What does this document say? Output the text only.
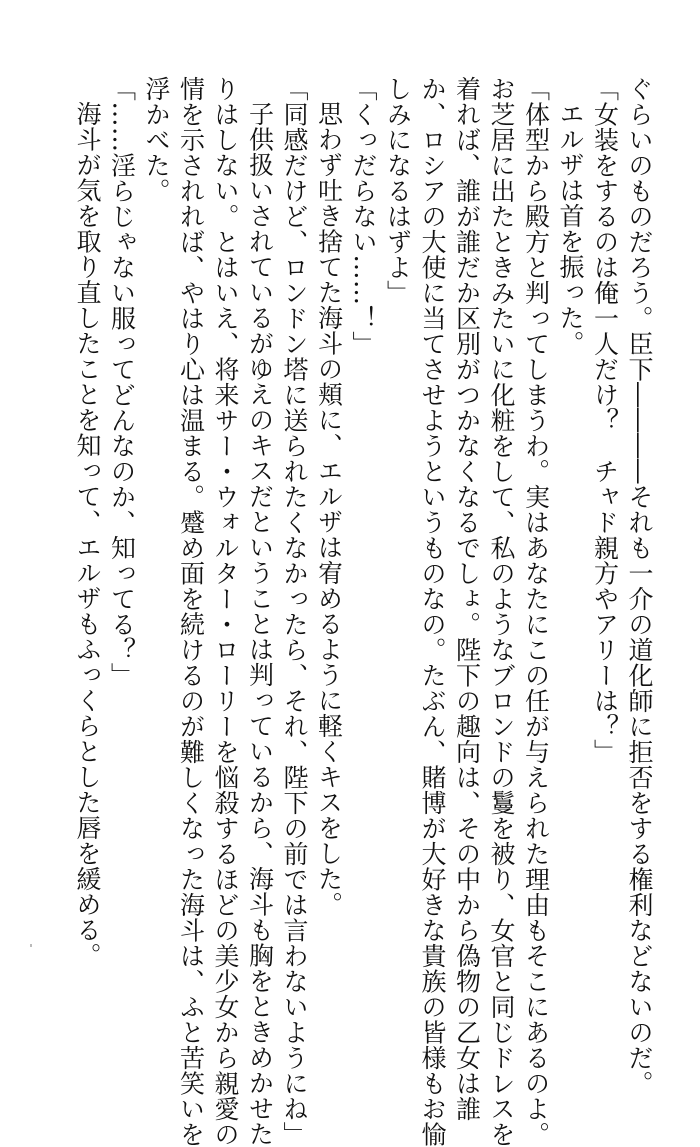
ぐらいのものだろう。臣下――――それも一介の道化師に拒否をする権利などないのだ。
「女装をするのは俺一人だけ？　チャド親方やアリーは？」
エルザは首を振った。
「体型から殿方と判ってしまうわ。実はあなたにこの任が与えられた理由もそこにあるのよ。
お芝居に出たときみたいに化粧をして、私のようなブロンドの鬘を被り、女官と同じドレスを
着れば、誰が誰だか区別がつかなくなるでしょ。陛下の趣向は、その中から偽物の乙女は誰
か、ロシアの大使に当てさせようというものなの。たぶん、賭博が大好きな貴族の皆様もお愉
しみになるはずよ」
「くっだらない……！」
思わず吐き捨てた海斗の頬に、エルザは宥めるように軽くキスをした。
「同感だけど、ロンドン塔に送られたくなかったら、それ、陛下の前では言わないようにね」
子供扱いされているがゆえのキスだということは判っているから、海斗も胸をときめかせた
りはしない。とはいえ、将来サー・ウォルター・ローリーを悩殺するほどの美少女から親愛の
情を示されれば、やはり心は温まる。蹙め面を続けるのが難しくなった海斗は、ふと苦笑いを
浮かべた。
「……淫らじゃない服ってどんなのか、知ってる？」
海斗が気を取り直したことを知って、エルザもふっくらとした唇を緩める。
